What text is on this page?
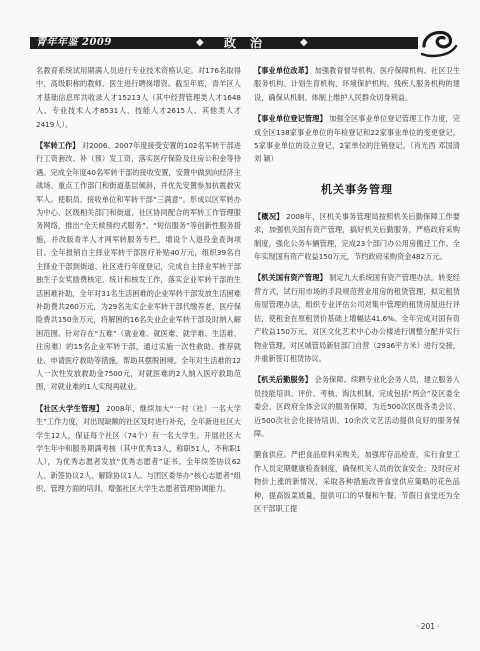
青年年鉴 2009	◆ 政治 ◆

名教育系统试用期满人员进行专业技术资格认定。对176名取得中、高级职称的教师、医生进行聘岗增资。截至年底，青羊区人才基础信息库共收录人才15213人（其中经营管理类人才1648人、专业技术人才8531人、技能人才2615人、其他类人才2419人）。

【军转工作】 对2006、2007年度接受安置的102名军转干部进行工资套改、补（预）发工资，落实医疗保险及住房公积金等待遇。完成全年度40名军转干部的接收安置，安置中做到向经济主战场、重点工作部门和街道基层倾斜，并优先安置参加抗震救灾军人。使职员、接收单位和军转干部“三满意”。形成以区军转办为中心、区级相关部门和街道、社区协同配合的军转工作管理服务网络，推出“全天候预约式服务”、“短信服务”等创新性服务措施，并改版青羊人才网军转服务专栏，增设个人退役金查询项目。全年报销自主择业军转干部医疗补贴40万元，组织39名自主择业干部到街道、社区进行年度登记，完成自主择业军转干部独生子女奖励费核定、统计和核发工作，落实企业军转干部的生活困难补助，全年对31名生活困难的企业军转干部发放生活困难补助费共260万元，为29名先实企业军转干部代缴养老、医疗保险费共150余万元，将解困的16名失业企业军转干部及时纳入解困范围。针对存在“五难”（就业难、就医难、就学难、生活难、住房难）的15名企业军转干部，通过实施一次性救助、推荐就业、申请医疗救助等措施，帮助其摆脱困境。全年对生活难的12人一次性发放救助金7500元，对就医难的2人纳入医疗救助范围，对就业难的1人实现再就业。

【社区大学生管理】 2008年，继续加大“一村（社）一名大学生”工作力度，对出现缺额的社区及时进行补充，全年新进社区大学生12人，保证每个社区（74个）有一名大学生。开展社区大学生年中和服务期满考核（其中优秀13人，称职51人，不称职1人），为优秀志愿者发放“优秀志愿者”证书。全年续签协议62人、新签协议2人、解除协议1人。与团区委举办“核心志愿者”组织、管理方面的培训，增强社区大学生志愿者管理协调能力。

【事业单位改革】 加强教育督导机构、医疗保障机构、社区卫生服务机构、计划生育机构、环境保护机构、残疾人服务机构的建设，确保从机制、体制上维护人民群众切身利益。

【事业单位登记管理】 加强全区事业单位登记管理工作力度，完成全区138家事业单位的年检登记和22家事业单位的变更登记，5家事业单位的设立登记，2家单位的注销登记。（肖光西 邓国清 刘 颖）

机关事务管理

【概况】 2008年，区机关事务管理局按照机关后勤保障工作要求，加强机关国有资产管理，搞好机关后勤服务，严格政府采购制度，强化公务车辆管理，完成23个部门办公用房搬迁工作。全年实现国有资产收益150万元，节约政府采购资金482万元。

【机关国有资产管理】 制定九大系统国有资产管理办法。转变经营方式，试行用市场的手段规范营业用房的租赁管理，拟定租赁房屋管理办法，组织专业评估公司对集中管理的租赁房屋进行评估，使租金在原租赁价基础上增幅达41.6%。全年完成对国有资产收益150万元，对区文化艺术中心办公楼进行调整分配并实行物业管理，对区城管局新驻部门自营（2936平方米）进行交接，并重新签订租赁协议。

【机关后勤服务】 会务保障。续聘专业化会务人员，建立服务人员技能培训、评价、考核、淘汰机制。完成包括“两会”及区委全委会、区政府全体会议的服务保障，为近500次区级各类会议、近500次社会化接待培训、10余次文艺活动提供良好的服务保障。

膳食供应。严把食品原料采购关，加强库存品检查，实行食堂工作人员定期健康检查制度，确保机关人员的饮食安全；及时应对物价上涨的新情况，采取各种措施改善食堂供应策略的花色品种，提高饭菜质量，提供可口的早餐和午餐，节假日食堂还为全区干部职工提

· 201 ·
